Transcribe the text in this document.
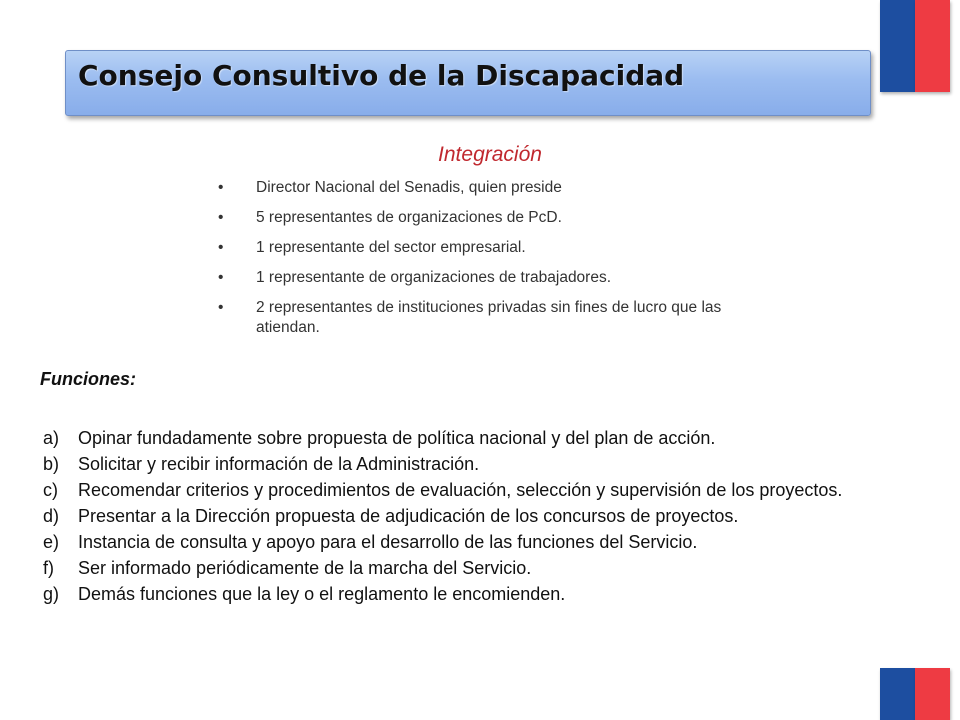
Consejo Consultivo de la Discapacidad
Integración
• Director Nacional del Senadis, quien preside
• 5 representantes de organizaciones de PcD.
• 1 representante del sector empresarial.
• 1 representante de organizaciones de trabajadores.
• 2 representantes de instituciones privadas sin fines de lucro que las atiendan.
Funciones:
a) Opinar fundadamente sobre propuesta de política nacional y del plan de acción.
b) Solicitar y recibir información de la Administración.
c) Recomendar criterios y procedimientos de evaluación, selección y supervisión de los proyectos.
d) Presentar a la Dirección propuesta de adjudicación de los concursos de proyectos.
e) Instancia de consulta y apoyo para el desarrollo de las funciones del Servicio.
f) Ser informado periódicamente de la marcha del Servicio.
g) Demás funciones que la ley o el reglamento le encomienden.
